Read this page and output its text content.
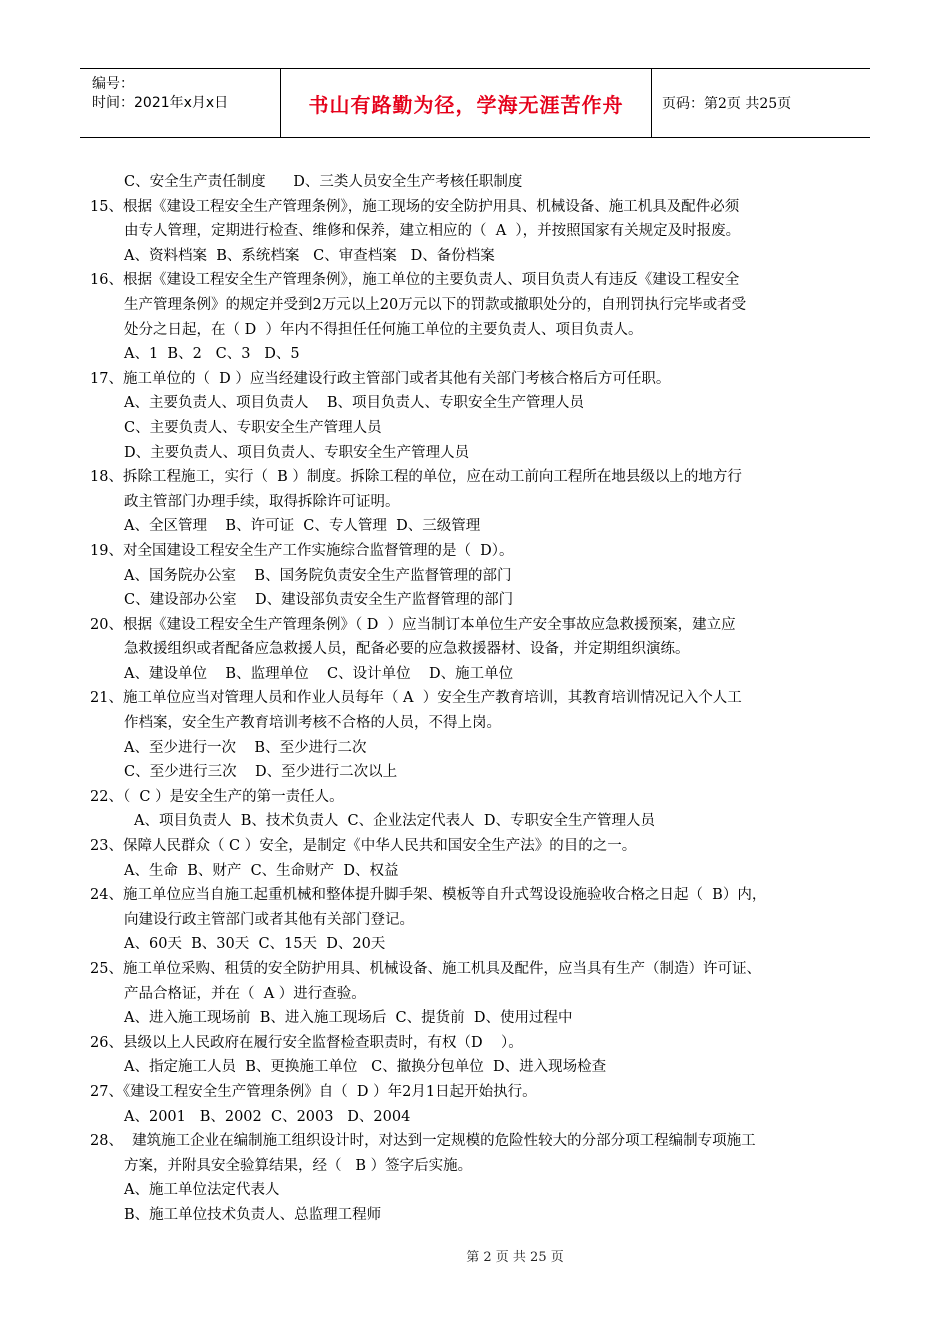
编号：
时间：2021年x月x日	书山有路勤为径，学海无涯苦作舟	页码：第2页 共25页
C、安全生产责任制度      D、三类人员安全生产考核任职制度
15、根据《建设工程安全生产管理条例》，施工现场的安全防护用具、机械设备、施工机具及配件必须
由专人管理，定期进行检查、维修和保养，建立相应的（  A  ），并按照国家有关规定及时报废。
A、资料档案  B、系统档案   C、审查档案   D、备份档案
16、根据《建设工程安全生产管理条例》，施工单位的主要负责人、项目负责人有违反《建设工程安全
生产管理条例》的规定并受到2万元以上20万元以下的罚款或撤职处分的，自刑罚执行完毕或者受
处分之日起，在（ D  ）年内不得担任任何施工单位的主要负责人、项目负责人。
A、1  B、2   C、3   D、5
17、施工单位的（  D ）应当经建设行政主管部门或者其他有关部门考核合格后方可任职。
A、主要负责人、项目负责人    B、项目负责人、专职安全生产管理人员
C、主要负责人、专职安全生产管理人员
D、主要负责人、项目负责人、专职安全生产管理人员
18、拆除工程施工，实行（  B ）制度。拆除工程的单位，应在动工前向工程所在地县级以上的地方行
政主管部门办理手续，取得拆除许可证明。
A、全区管理    B、许可证  C、专人管理  D、三级管理
19、对全国建设工程安全生产工作实施综合监督管理的是（  D）。
A、国务院办公室    B、国务院负责安全生产监督管理的部门
C、建设部办公室    D、建设部负责安全生产监督管理的部门
20、根据《建设工程安全生产管理条例》（ D  ）应当制订本单位生产安全事故应急救援预案，建立应
急救援组织或者配备应急救援人员，配备必要的应急救援器材、设备，并定期组织演练。
A、建设单位    B、监理单位    C、设计单位    D、施工单位
21、施工单位应当对管理人员和作业人员每年（ A  ）安全生产教育培训，其教育培训情况记入个人工
作档案，安全生产教育培训考核不合格的人员，不得上岗。
A、至少进行一次    B、至少进行二次
C、至少进行三次    D、至少进行二次以上
22、（  C ）是安全生产的第一责任人。
A、项目负责人  B、技术负责人  C、企业法定代表人  D、专职安全生产管理人员
23、保障人民群众（ C ）安全，是制定《中华人民共和国安全生产法》的目的之一。
A、生命  B、财产  C、生命财产  D、权益
24、施工单位应当自施工起重机械和整体提升脚手架、模板等自升式驾设设施验收合格之日起（  B）内，
向建设行政主管部门或者其他有关部门登记。
A、60天  B、30天  C、15天  D、20天
25、施工单位采购、租赁的安全防护用具、机械设备、施工机具及配件，应当具有生产（制造）许可证、
产品合格证，并在（  A ）进行查验。
A、进入施工现场前  B、进入施工现场后  C、提货前  D、使用过程中
26、县级以上人民政府在履行安全监督检查职责时，有权（D    ）。
A、指定施工人员  B、更换施工单位   C、撤换分包单位  D、进入现场检查
27、《建设工程安全生产管理条例》自（  D ）年2月1日起开始执行。
A、2001   B、2002  C、2003   D、2004
28、  建筑施工企业在编制施工组织设计时，对达到一定规模的危险性较大的分部分项工程编制专项施工
方案，并附具安全验算结果，经（   B ）签字后实施。
A、施工单位法定代表人
B、施工单位技术负责人、总监理工程师
第 2 页 共 25 页
